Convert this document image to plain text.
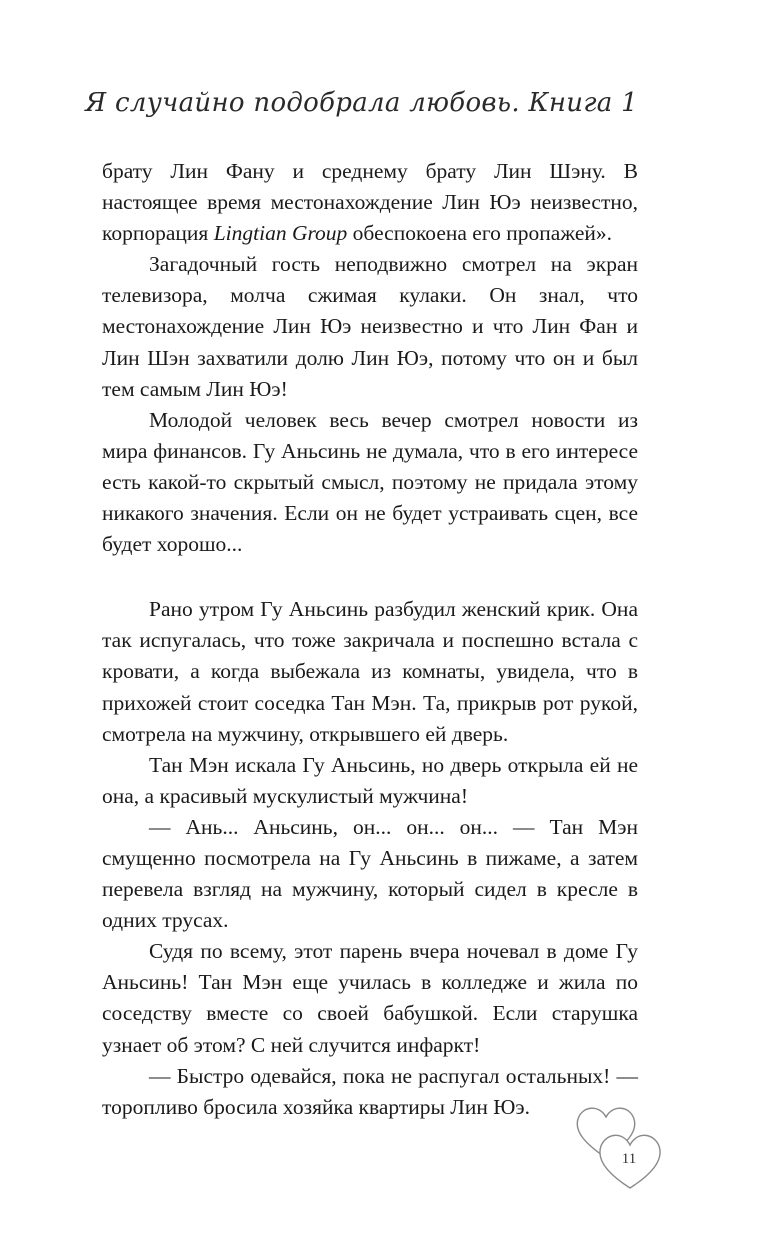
Я случайно подобрала любовь. Книга 1

брату Лин Фану и среднему брату Лин Шэну. В настоящее время местонахождение Лин Юэ неизвестно, корпорация Lingtian Group обеспокоена его пропажей».

Загадочный гость неподвижно смотрел на экран телевизора, молча сжимая кулаки. Он знал, что местонахождение Лин Юэ неизвестно и что Лин Фан и Лин Шэн захватили долю Лин Юэ, потому что он и был тем самым Лин Юэ!

Молодой человек весь вечер смотрел новости из мира финансов. Гу Аньсинь не думала, что в его интересе есть какой-то скрытый смысл, поэтому не придала этому никакого значения. Если он не будет устраивать сцен, все будет хорошо...

Рано утром Гу Аньсинь разбудил женский крик. Она так испугалась, что тоже закричала и поспешно встала с кровати, а когда выбежала из комнаты, увидела, что в прихожей стоит соседка Тан Мэн. Та, прикрыв рот рукой, смотрела на мужчину, открывшего ей дверь.

Тан Мэн искала Гу Аньсинь, но дверь открыла ей не она, а красивый мускулистый мужчина!

— Ань... Аньсинь, он... он... он... — Тан Мэн смущенно посмотрела на Гу Аньсинь в пижаме, а затем перевела взгляд на мужчину, который сидел в кресле в одних трусах.

Судя по всему, этот парень вчера ночевал в доме Гу Аньсинь! Тан Мэн еще училась в колледже и жила по соседству вместе со своей бабушкой. Если старушка узнает об этом? С ней случится инфаркт!

— Быстро одевайся, пока не распугал остальных! — торопливо бросила хозяйка квартиры Лин Юэ.

11
